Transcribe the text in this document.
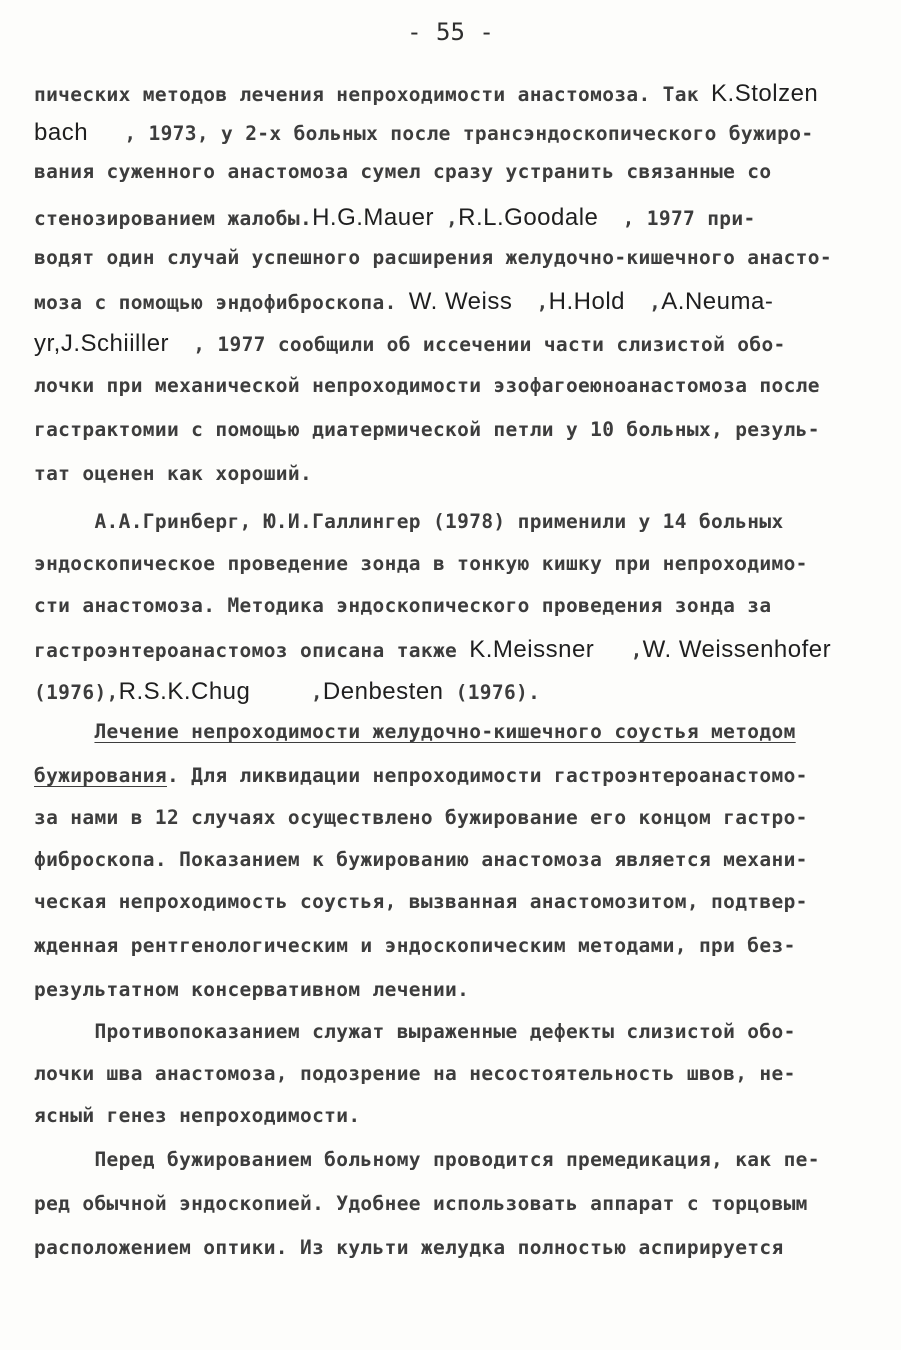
- 55 -
пических методов лечения непроходимости анастомоза. Так K.Stolzen
bach   , 1973, у 2-х больных после трансэндоскопического бужиро-
вания суженного анастомоза сумел сразу устранить связанные со
стенозированием жалобы.H.G.Mauer ,R.L.Goodale  , 1977 при-
водят один случай успешного расширения желудочно-кишечного анасто-
моза с помощью эндофиброскопа. W. Weiss  ,H.Hold  ,A.Neuma-
yr,J.Schiiller  , 1977 сообщили об иссечении части слизистой обо-
лочки при механической непроходимости эзофагоеюноанастомоза после
гастрактомии с помощью диатермической петли у 10 больных, резуль-
тат оценен как хороший.
А.А.Гринберг, Ю.И.Галлингер (1978) применили у 14 больных
эндоскопическое проведение зонда в тонкую кишку при непроходимо-
сти анастомоза. Методика эндоскопического проведения зонда за
гастроэнтероанастомоз описана также K.Meissner   ,W. Weissenhofer
(1976),R.S.K.Chug     ,Denbesten (1976).
Лечение непроходимости желудочно-кишечного соустья методом
бужирования. Для ликвидации непроходимости гастроэнтероанастомо-
за нами в 12 случаях осуществлено бужирование его концом гастро-
фиброскопа. Показанием к бужированию анастомоза является механи-
ческая непроходимость соустья, вызванная анастомозитом, подтвер-
жденная рентгенологическим и эндоскопическим методами, при без-
результатном консервативном лечении.
Противопоказанием служат выраженные дефекты слизистой обо-
лочки шва анастомоза, подозрение на несостоятельность швов, не-
ясный генез непроходимости.
Перед бужированием больному проводится премедикация, как пе-
ред обычной эндоскопией. Удобнее использовать аппарат с торцовым
расположением оптики. Из культи желудка полностью аспирируется
